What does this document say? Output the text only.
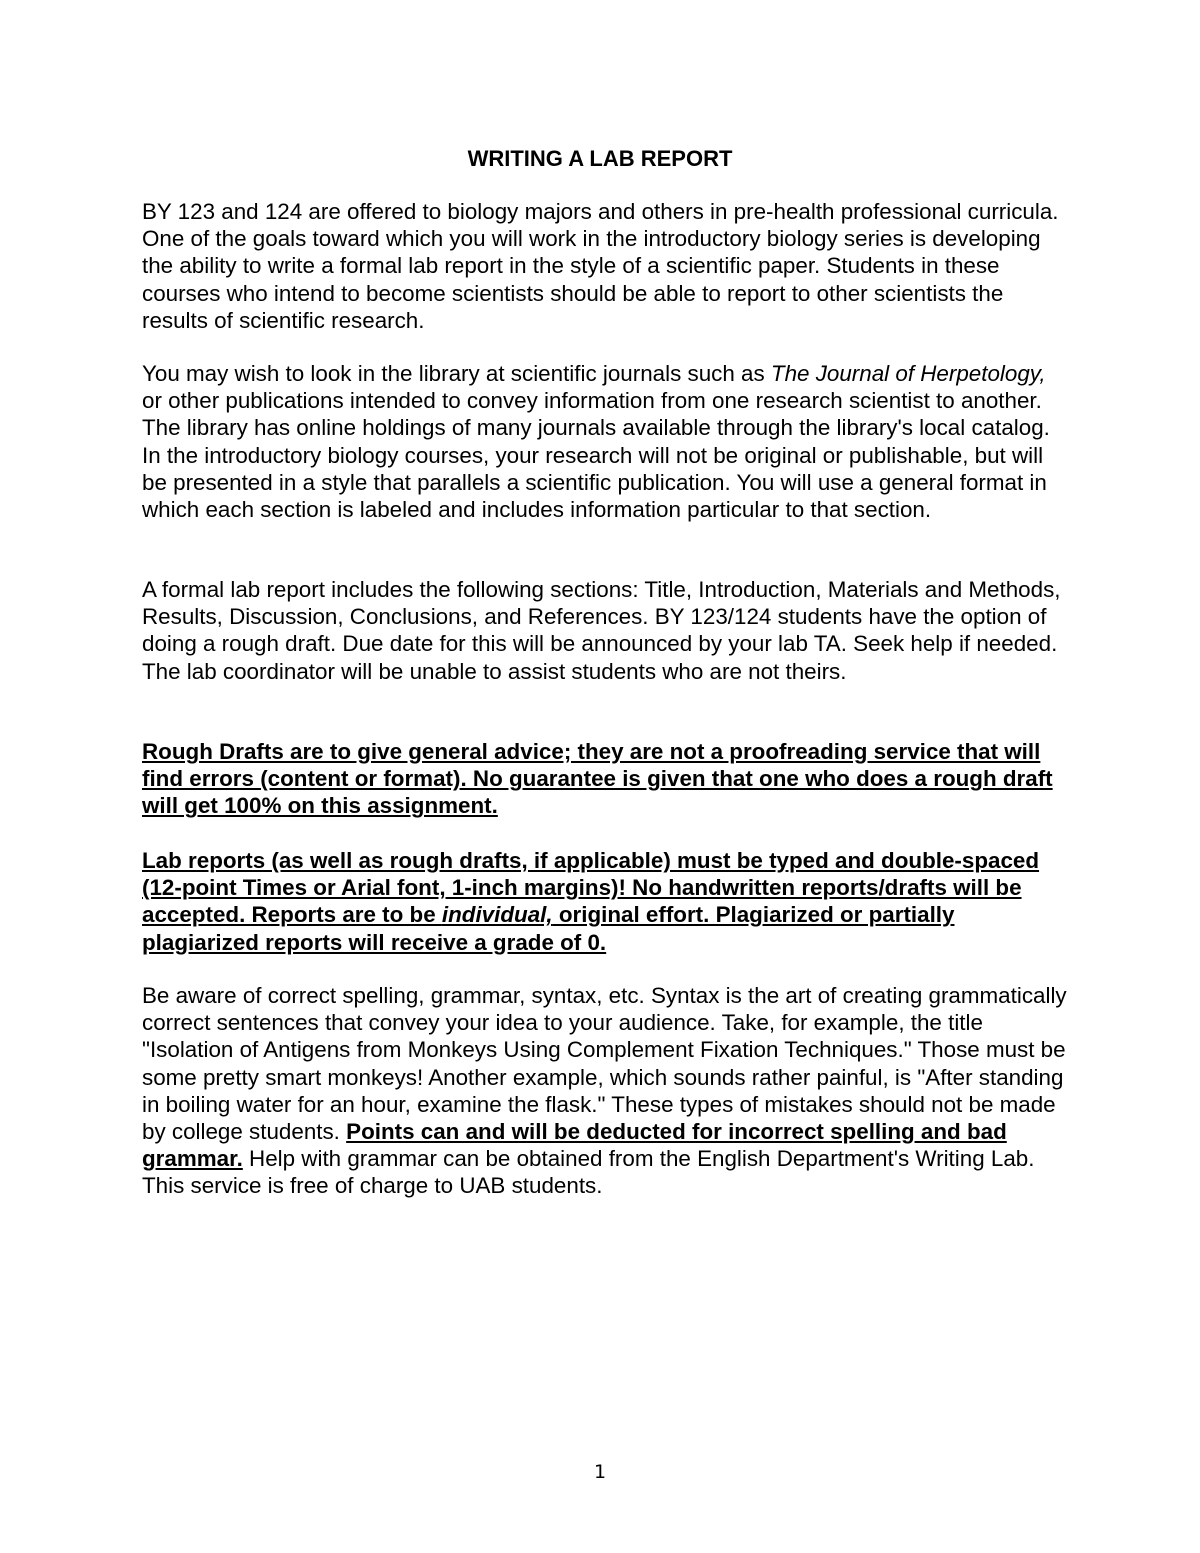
WRITING A LAB REPORT

BY 123 and 124 are offered to biology majors and others in pre-health professional curricula. One of the goals toward which you will work in the introductory biology series is developing the ability to write a formal lab report in the style of a scientific paper. Students in these courses who intend to become scientists should be able to report to other scientists the results of scientific research.

You may wish to look in the library at scientific journals such as The Journal of Herpetology, or other publications intended to convey information from one research scientist to another. The library has online holdings of many journals available through the library's local catalog. In the introductory biology courses, your research will not be original or publishable, but will be presented in a style that parallels a scientific publication. You will use a general format in which each section is labeled and includes information particular to that section.

A formal lab report includes the following sections: Title, Introduction, Materials and Methods, Results, Discussion, Conclusions, and References. BY 123/124 students have the option of doing a rough draft. Due date for this will be announced by your lab TA. Seek help if needed. The lab coordinator will be unable to assist students who are not theirs.

Rough Drafts are to give general advice; they are not a proofreading service that will find errors (content or format). No guarantee is given that one who does a rough draft will get 100% on this assignment.

Lab reports (as well as rough drafts, if applicable) must be typed and double-spaced (12-point Times or Arial font, 1-inch margins)! No handwritten reports/drafts will be accepted. Reports are to be individual, original effort. Plagiarized or partially plagiarized reports will receive a grade of 0.

Be aware of correct spelling, grammar, syntax, etc. Syntax is the art of creating grammatically correct sentences that convey your idea to your audience. Take, for example, the title "Isolation of Antigens from Monkeys Using Complement Fixation Techniques." Those must be some pretty smart monkeys! Another example, which sounds rather painful, is "After standing in boiling water for an hour, examine the flask." These types of mistakes should not be made by college students. Points can and will be deducted for incorrect spelling and bad grammar. Help with grammar can be obtained from the English Department's Writing Lab. This service is free of charge to UAB students.

1
